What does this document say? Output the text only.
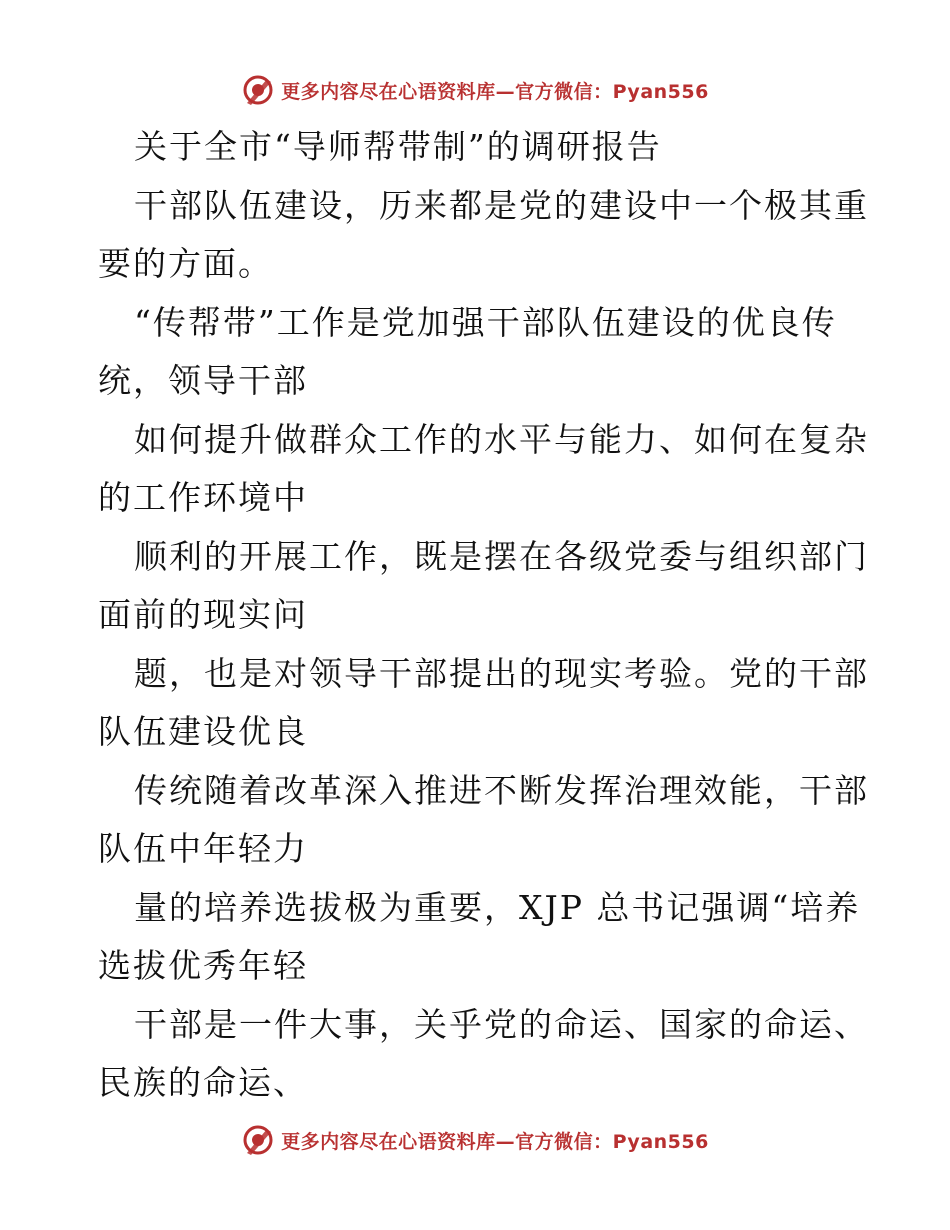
更多内容尽在心语资料库—官方微信：Pyan556
关于全市“导师帮带制”的调研报告
干部队伍建设，历来都是党的建设中一个极其重
要的方面。
“传帮带”工作是党加强干部队伍建设的优良传
统，领导干部
如何提升做群众工作的水平与能力、如何在复杂
的工作环境中
顺利的开展工作，既是摆在各级党委与组织部门
面前的现实问
题，也是对领导干部提出的现实考验。党的干部
队伍建设优良
传统随着改革深入推进不断发挥治理效能，干部
队伍中年轻力
量的培养选拔极为重要，XJP 总书记强调“培养
选拔优秀年轻
干部是一件大事，关乎党的命运、国家的命运、
民族的命运、
更多内容尽在心语资料库—官方微信：Pyan556
